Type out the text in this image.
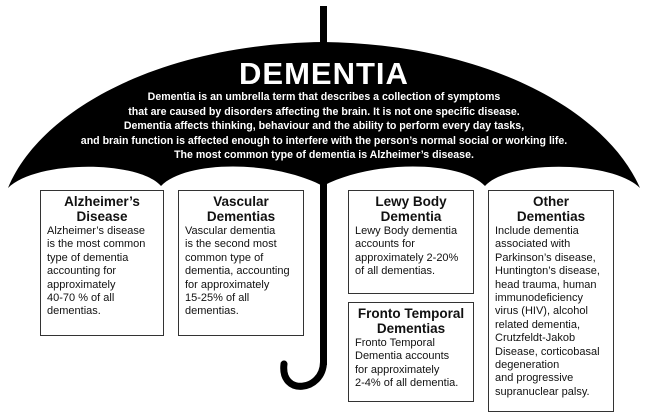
DEMENTIA
Dementia is an umbrella term that describes a collection of symptoms
that are caused by disorders affecting the brain. It is not one specific disease.
Dementia affects thinking, behaviour and the ability to perform every day tasks,
and brain function is affected enough to interfere with the person’s normal social or working life.
The most common type of dementia is Alzheimer’s disease.
Alzheimer’s
Disease

Alzheimer’s disease
is the most common
type of dementia
accounting for
approximately
40-70 % of all
dementias.

Vascular
Dementias

Vascular dementia
is the second most
common type of
dementia, accounting
for approximately
15-25% of all
dementias.

Lewy Body
Dementia

Lewy Body dementia
accounts for
approximately 2-20%
of all dementias.

Fronto Temporal
Dementias

Fronto Temporal
Dementia accounts
for approximately
2-4% of all dementia.

Other
Dementias

Include dementia
associated with
Parkinson’s disease,
Huntington’s disease,
head trauma, human
immunodeficiency
virus (HIV), alcohol
related dementia,
Crutzfeldt-Jakob
Disease, corticobasal
degeneration
and progressive
supranuclear palsy.
